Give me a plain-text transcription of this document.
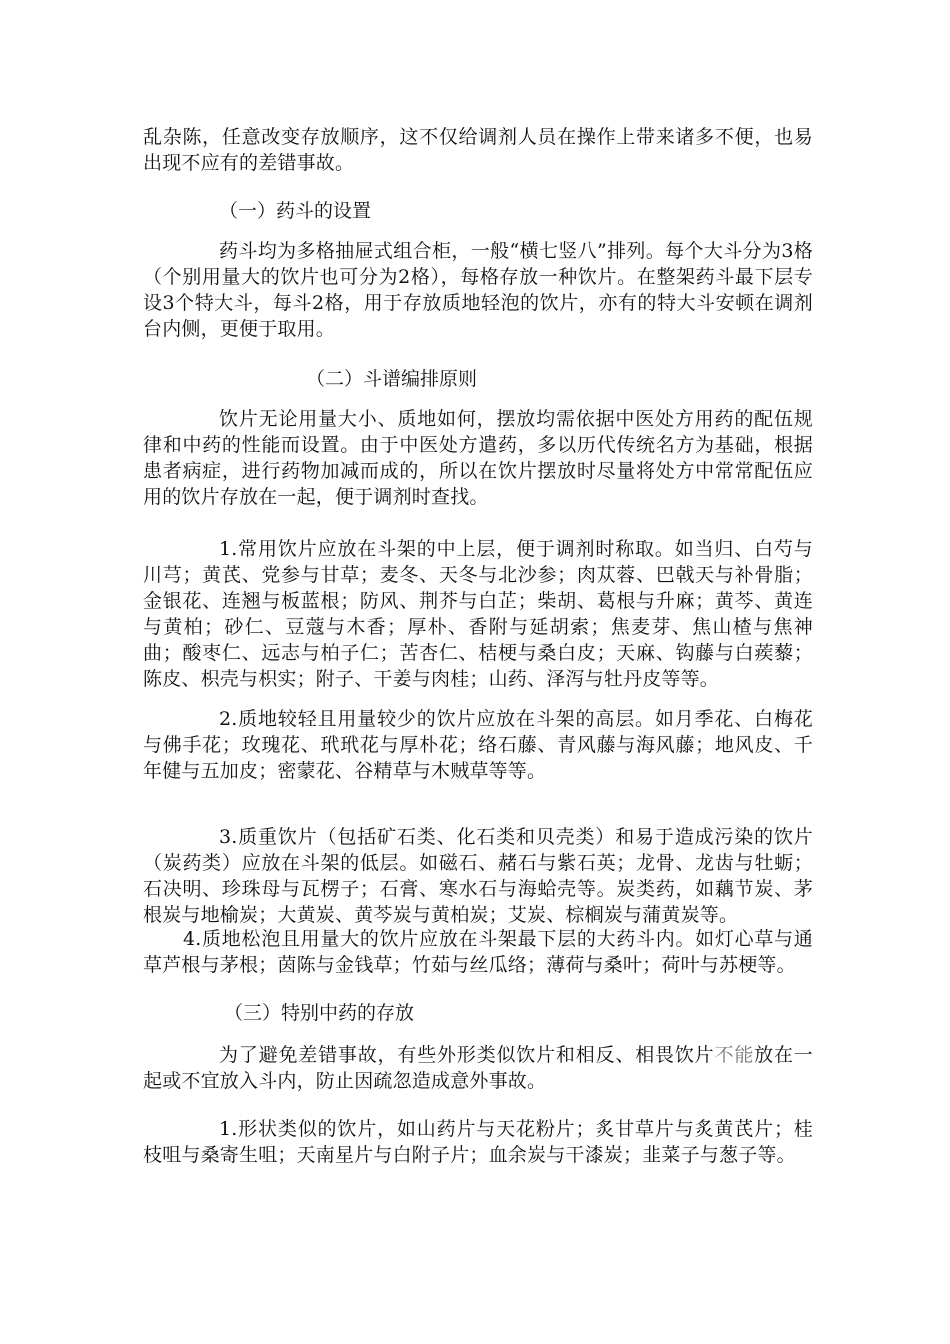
乱杂陈，任意改变存放顺序，这不仅给调剂人员在操作上带来诸多不便，也易出现不应有的差错事故。

（一）药斗的设置

药斗均为多格抽屉式组合柜，一般“横七竖八”排列。每个大斗分为3格（个别用量大的饮片也可分为2格），每格存放一种饮片。在整架药斗最下层专设3个特大斗，每斗2格，用于存放质地轻泡的饮片，亦有的特大斗安顿在调剂台内侧，更便于取用。

（二）斗谱编排原则

饮片无论用量大小、质地如何，摆放均需依据中医处方用药的配伍规律和中药的性能而设置。由于中医处方遣药，多以历代传统名方为基础，根据患者病症，进行药物加减而成的，所以在饮片摆放时尽量将处方中常常配伍应用的饮片存放在一起，便于调剂时查找。

1.常用饮片应放在斗架的中上层，便于调剂时称取。如当归、白芍与川芎；黄芪、党参与甘草；麦冬、天冬与北沙参；肉苁蓉、巴戟天与补骨脂；金银花、连翘与板蓝根；防风、荆芥与白芷；柴胡、葛根与升麻；黄芩、黄连与黄柏；砂仁、豆蔻与木香；厚朴、香附与延胡索；焦麦芽、焦山楂与焦神曲；酸枣仁、远志与柏子仁；苦杏仁、桔梗与桑白皮；天麻、钩藤与白蒺藜；陈皮、枳壳与枳实；附子、干姜与肉桂；山药、泽泻与牡丹皮等等。

2.质地较轻且用量较少的饮片应放在斗架的高层。如月季花、白梅花与佛手花；玫瑰花、玳玳花与厚朴花；络石藤、青风藤与海风藤；地风皮、千年健与五加皮；密蒙花、谷精草与木贼草等等。

3.质重饮片（包括矿石类、化石类和贝壳类）和易于造成污染的饮片（炭药类）应放在斗架的低层。如磁石、赭石与紫石英；龙骨、龙齿与牡蛎；石决明、珍珠母与瓦楞子；石膏、寒水石与海蛤壳等。炭类药，如藕节炭、茅根炭与地榆炭；大黄炭、黄芩炭与黄柏炭；艾炭、棕榈炭与蒲黄炭等。

4.质地松泡且用量大的饮片应放在斗架最下层的大药斗内。如灯心草与通草芦根与茅根；茵陈与金钱草；竹茹与丝瓜络；薄荷与桑叶；荷叶与苏梗等。

（三）特别中药的存放

为了避免差错事故，有些外形类似饮片和相反、相畏饮片不能放在一起或不宜放入斗内，防止因疏忽造成意外事故。

1.形状类似的饮片，如山药片与天花粉片；炙甘草片与炙黄芪片；桂枝咀与桑寄生咀；天南星片与白附子片；血余炭与干漆炭；韭菜子与葱子等。
